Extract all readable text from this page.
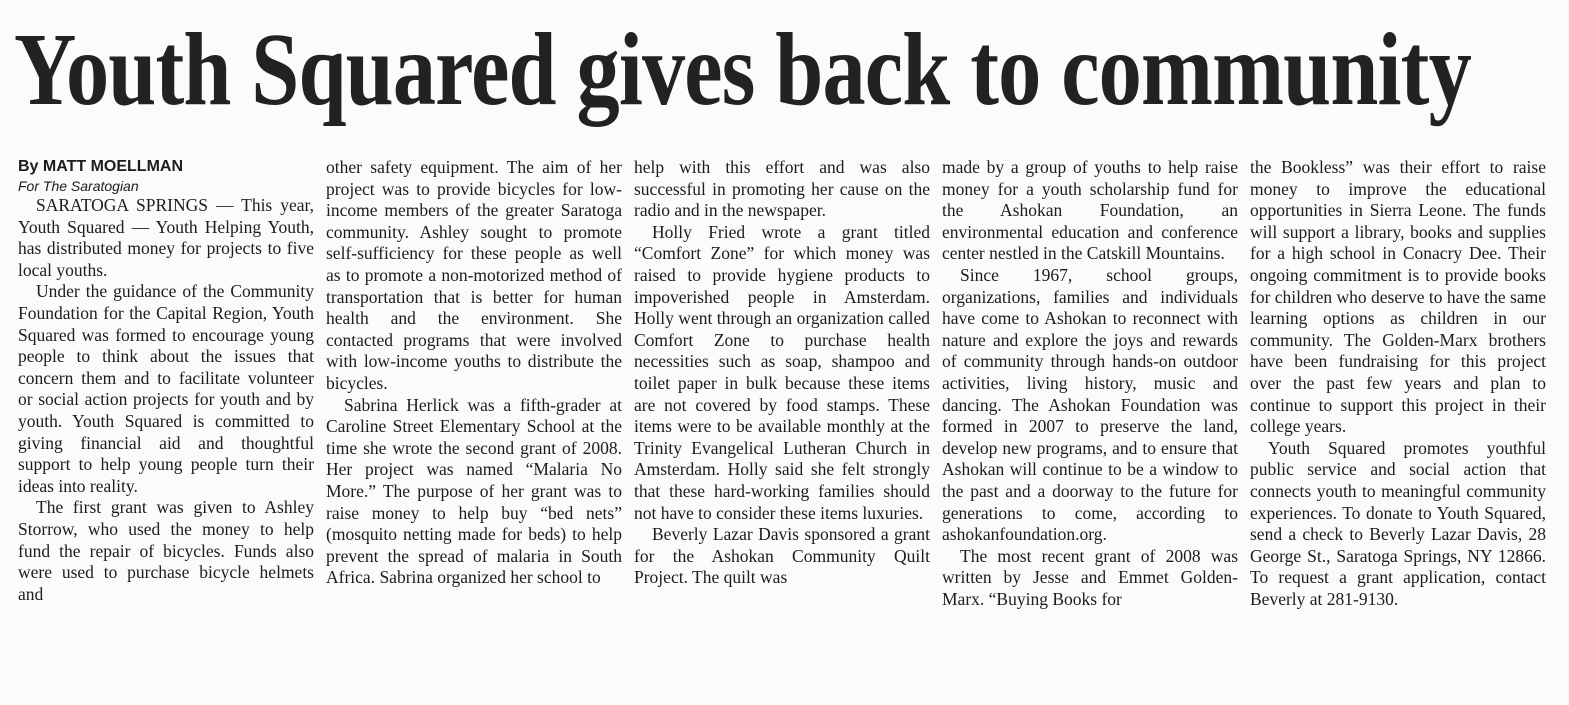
Youth Squared gives back to community
By MATT MOELLMAN
For The Saratogian

SARATOGA SPRINGS — This year, Youth Squared — Youth Helping Youth, has distributed money for projects to five local youths.

Under the guidance of the Community Foundation for the Capital Region, Youth Squared was formed to encourage young people to think about the issues that concern them and to facilitate volunteer or social action projects for youth and by youth. Youth Squared is committed to giving financial aid and thoughtful support to help young people turn their ideas into reality.

The first grant was given to Ashley Storrow, who used the money to help fund the repair of bicycles. Funds also were used to purchase bicycle helmets and

other safety equipment. The aim of her project was to provide bicycles for low-income members of the greater Saratoga community. Ashley sought to promote self-sufficiency for these people as well as to promote a non-motorized method of transportation that is better for human health and the environment. She contacted programs that were involved with low-income youths to distribute the bicycles.

Sabrina Herlick was a fifth-grader at Caroline Street Elementary School at the time she wrote the second grant of 2008. Her project was named “Malaria No More.” The purpose of her grant was to raise money to help buy “bed nets” (mosquito netting made for beds) to help prevent the spread of malaria in South Africa. Sabrina organized her school to

help with this effort and was also successful in promoting her cause on the radio and in the newspaper.

Holly Fried wrote a grant titled “Comfort Zone” for which money was raised to provide hygiene products to impoverished people in Amsterdam. Holly went through an organization called Comfort Zone to purchase health necessities such as soap, shampoo and toilet paper in bulk because these items are not covered by food stamps. These items were to be available monthly at the Trinity Evangelical Lutheran Church in Amsterdam. Holly said she felt strongly that these hard-working families should not have to consider these items luxuries.

Beverly Lazar Davis sponsored a grant for the Ashokan Community Quilt Project. The quilt was

made by a group of youths to help raise money for a youth scholarship fund for the Ashokan Foundation, an environmental education and conference center nestled in the Catskill Mountains.

Since 1967, school groups, organizations, families and individuals have come to Ashokan to reconnect with nature and explore the joys and rewards of community through hands-on outdoor activities, living history, music and dancing. The Ashokan Foundation was formed in 2007 to preserve the land, develop new programs, and to ensure that Ashokan will continue to be a window to the past and a doorway to the future for generations to come, according to ashokanfoundation.org.

The most recent grant of 2008 was written by Jesse and Emmet Golden-Marx. “Buying Books for

the Bookless” was their effort to raise money to improve the educational opportunities in Sierra Leone. The funds will support a library, books and supplies for a high school in Conacry Dee. Their ongoing commitment is to provide books for children who deserve to have the same learning options as children in our community. The Golden-Marx brothers have been fundraising for this project over the past few years and plan to continue to support this project in their college years.

Youth Squared promotes youthful public service and social action that connects youth to meaningful community experiences. To donate to Youth Squared, send a check to Beverly Lazar Davis, 28 George St., Saratoga Springs, NY 12866. To request a grant application, contact Beverly at 281-9130.
